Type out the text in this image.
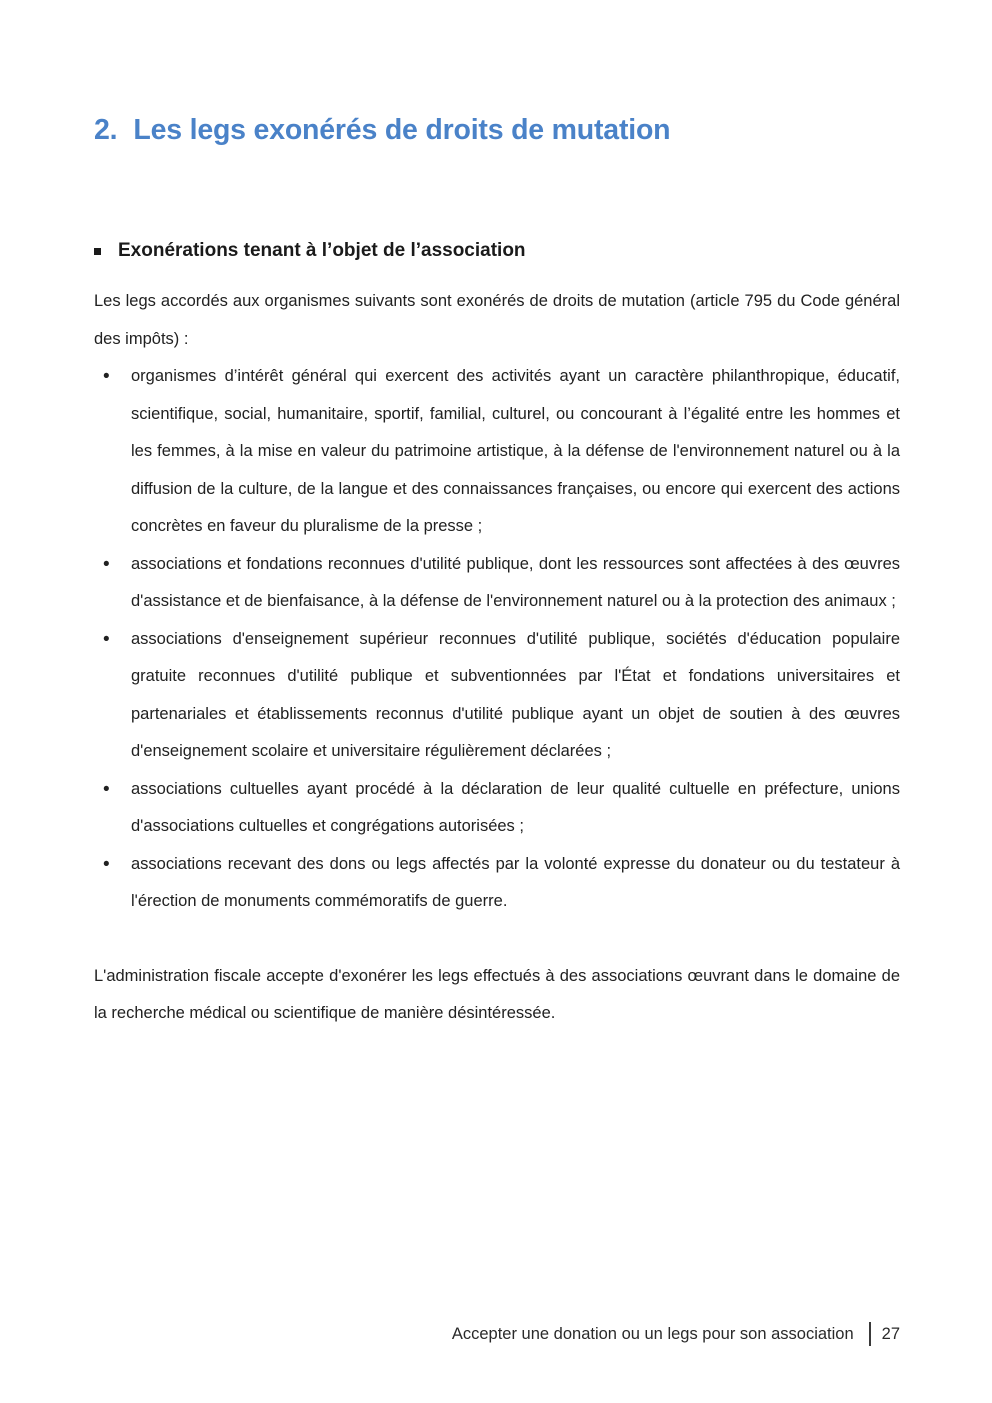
2. Les legs exonérés de droits de mutation
Exonérations tenant à l’objet de l’association

Les legs accordés aux organismes suivants sont exonérés de droits de mutation (article 795 du Code général des impôts) :

• organismes d’intérêt général qui exercent des activités ayant un caractère philanthropique, éducatif, scientifique, social, humanitaire, sportif, familial, culturel, ou concourant à l’égalité entre les hommes et les femmes, à la mise en valeur du patrimoine artistique, à la défense de l'environnement naturel ou à la diffusion de la culture, de la langue et des connaissances françaises, ou encore qui exercent des actions concrètes en faveur du pluralisme de la presse ;
• associations et fondations reconnues d'utilité publique, dont les ressources sont affectées à des œuvres d'assistance et de bienfaisance, à la défense de l'environnement naturel ou à la protection des animaux ;
• associations d'enseignement supérieur reconnues d'utilité publique, sociétés d'éducation populaire gratuite reconnues d'utilité publique et subventionnées par l'État et fondations universitaires et partenariales et établissements reconnus d'utilité publique ayant un objet de soutien à des œuvres d'enseignement scolaire et universitaire régulièrement déclarées ;
• associations cultuelles ayant procédé à la déclaration de leur qualité cultuelle en préfecture, unions d'associations cultuelles et congrégations autorisées ;
• associations recevant des dons ou legs affectés par la volonté expresse du donateur ou du testateur à l'érection de monuments commémoratifs de guerre.

L'administration fiscale accepte d'exonérer les legs effectués à des associations œuvrant dans le domaine de la recherche médical ou scientifique de manière désintéressée.

Accepter une donation ou un legs pour son association 27
